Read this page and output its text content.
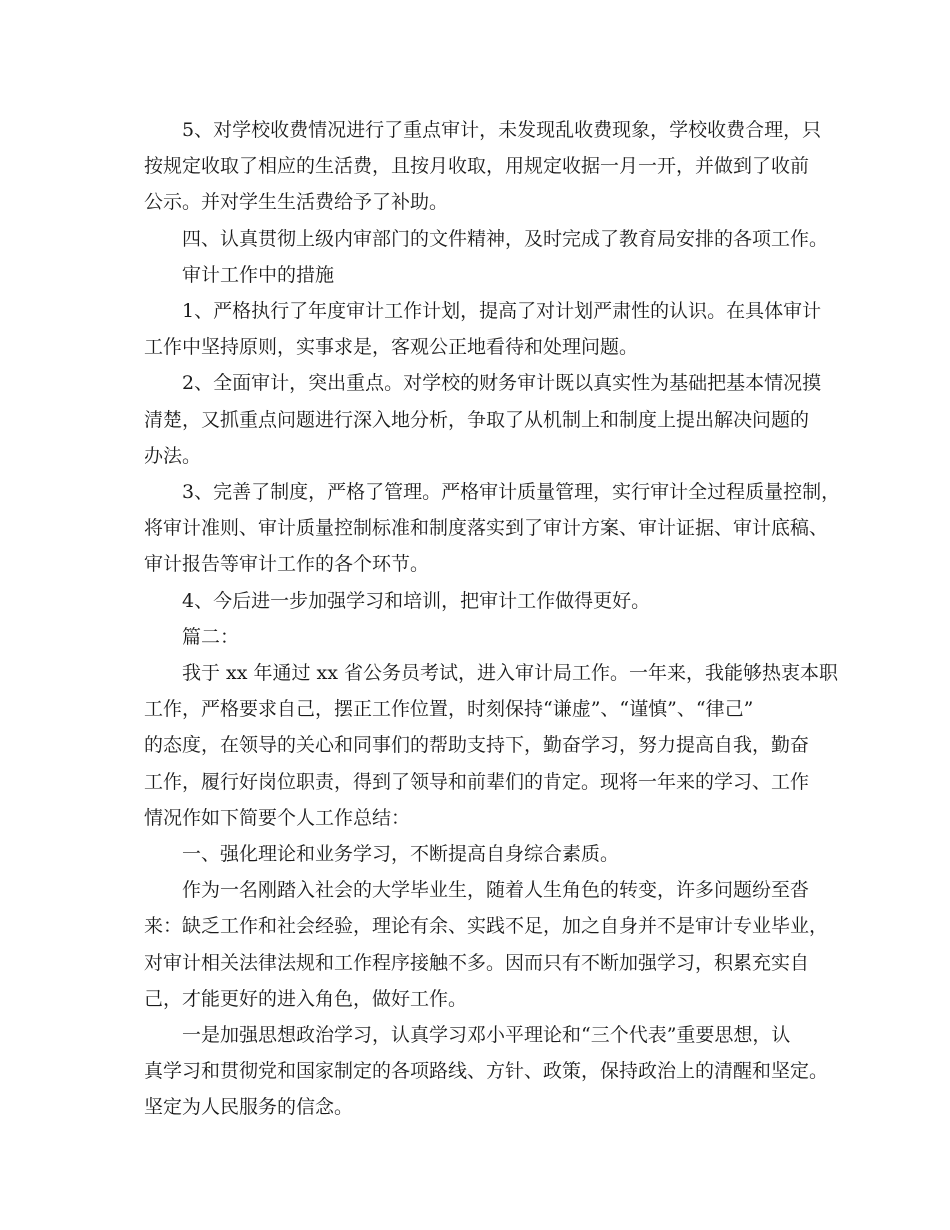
5、对学校收费情况进行了重点审计，未发现乱收费现象，学校收费合理，只
按规定收取了相应的生活费，且按月收取，用规定收据一月一开，并做到了收前
公示。并对学生生活费给予了补助。

四、认真贯彻上级内审部门的文件精神，及时完成了教育局安排的各项工作。

审计工作中的措施

1、严格执行了年度审计工作计划，提高了对计划严肃性的认识。在具体审计
工作中坚持原则，实事求是，客观公正地看待和处理问题。

2、全面审计，突出重点。对学校的财务审计既以真实性为基础把基本情况摸
清楚，又抓重点问题进行深入地分析，争取了从机制上和制度上提出解决问题的
办法。

3、完善了制度，严格了管理。严格审计质量管理，实行审计全过程质量控制，
将审计准则、审计质量控制标准和制度落实到了审计方案、审计证据、审计底稿、
审计报告等审计工作的各个环节。

4、今后进一步加强学习和培训，把审计工作做得更好。

篇二：

我于 xx 年通过 xx 省公务员考试，进入审计局工作。一年来，我能够热衷本职
工作，严格要求自己，摆正工作位置，时刻保持“谦虚”、“谨慎”、“律己”
的态度，在领导的关心和同事们的帮助支持下，勤奋学习，努力提高自我，勤奋
工作，履行好岗位职责，得到了领导和前辈们的肯定。现将一年来的学习、工作
情况作如下简要个人工作总结：

一、强化理论和业务学习，不断提高自身综合素质。

作为一名刚踏入社会的大学毕业生，随着人生角色的转变，许多问题纷至沓
来：缺乏工作和社会经验，理论有余、实践不足，加之自身并不是审计专业毕业，
对审计相关法律法规和工作程序接触不多。因而只有不断加强学习，积累充实自
己，才能更好的进入角色，做好工作。

一是加强思想政治学习，认真学习邓小平理论和“三个代表”重要思想，认
真学习和贯彻党和国家制定的各项路线、方针、政策，保持政治上的清醒和坚定。
坚定为人民服务的信念。
